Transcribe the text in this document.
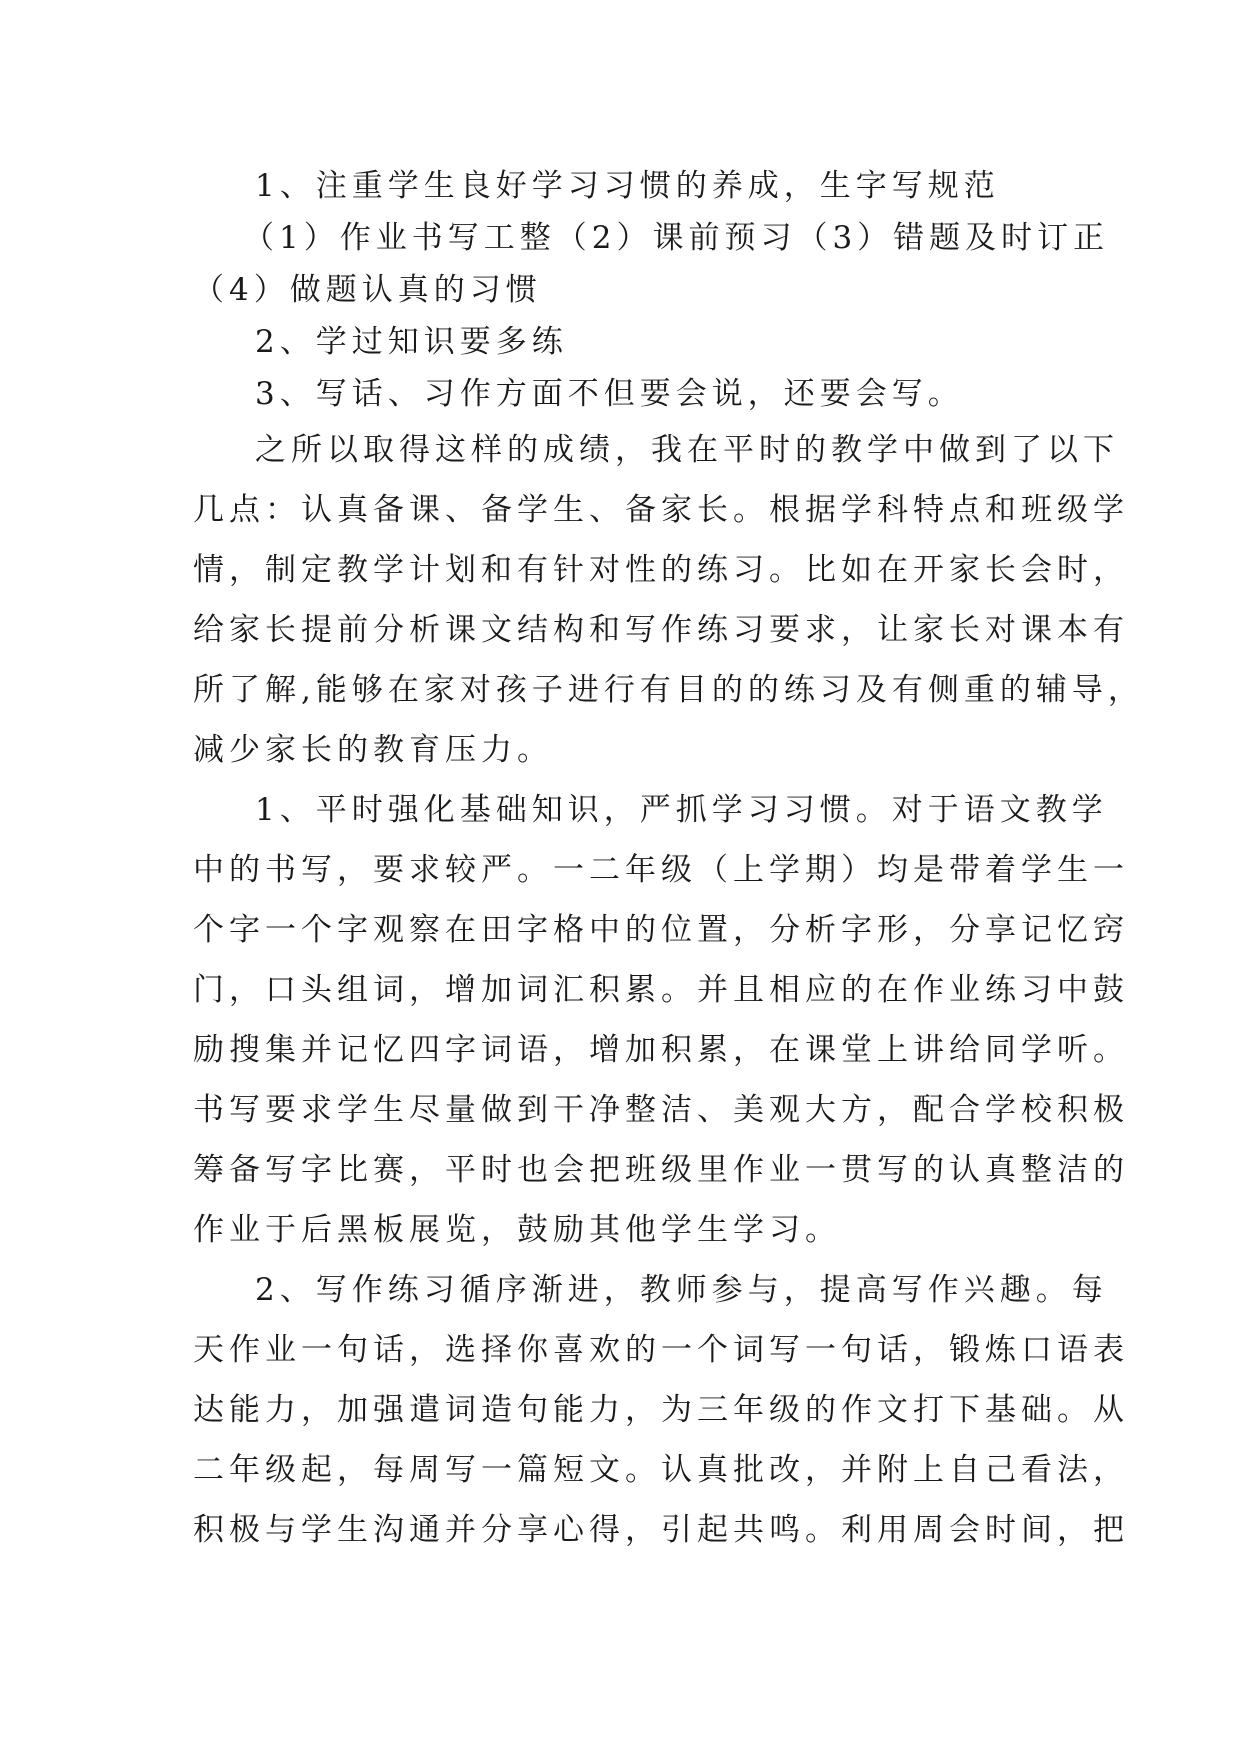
1、注重学生良好学习习惯的养成，生字写规范
（1）作业书写工整（2）课前预习（3）错题及时订正
（4）做题认真的习惯
2、学过知识要多练
3、写话、习作方面不但要会说，还要会写。
之所以取得这样的成绩，我在平时的教学中做到了以下
几点：认真备课、备学生、备家长。根据学科特点和班级学
情，制定教学计划和有针对性的练习。比如在开家长会时，
给家长提前分析课文结构和写作练习要求，让家长对课本有
所了解,能够在家对孩子进行有目的的练习及有侧重的辅导，
减少家长的教育压力。
1、平时强化基础知识，严抓学习习惯。对于语文教学
中的书写，要求较严。一二年级（上学期）均是带着学生一
个字一个字观察在田字格中的位置，分析字形，分享记忆窍
门，口头组词，增加词汇积累。并且相应的在作业练习中鼓
励搜集并记忆四字词语，增加积累，在课堂上讲给同学听。
书写要求学生尽量做到干净整洁、美观大方，配合学校积极
筹备写字比赛，平时也会把班级里作业一贯写的认真整洁的
作业于后黑板展览，鼓励其他学生学习。
2、写作练习循序渐进，教师参与，提高写作兴趣。每
天作业一句话，选择你喜欢的一个词写一句话，锻炼口语表
达能力，加强遣词造句能力，为三年级的作文打下基础。从
二年级起，每周写一篇短文。认真批改，并附上自己看法，
积极与学生沟通并分享心得，引起共鸣。利用周会时间，把
